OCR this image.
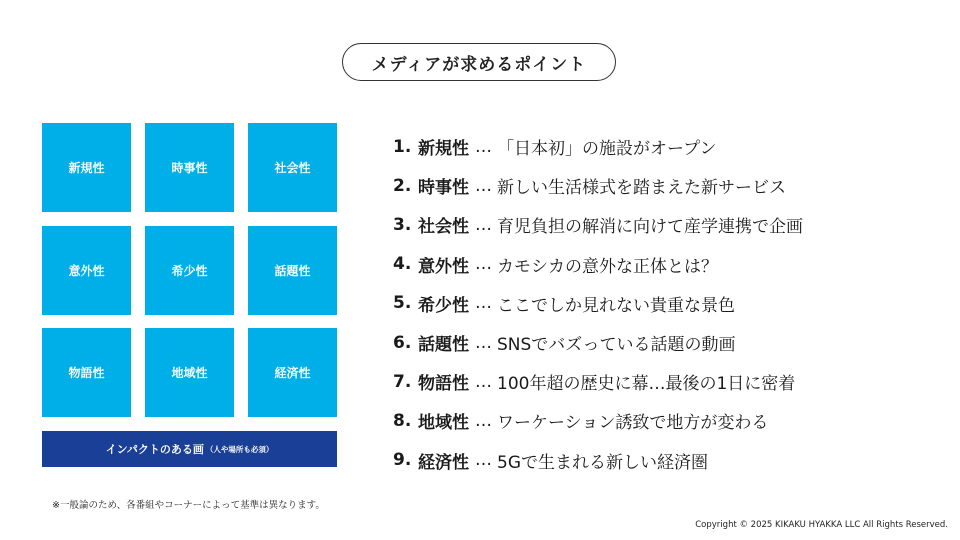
メディアが求めるポイント
新規性	時事性	社会性
意外性	希少性	話題性
物語性	地域性	経済性
インパクトのある画 （人や場所も必須）
1. 新規性 … 「日本初」の施設がオープン
2. 時事性 … 新しい生活様式を踏まえた新サービス
3. 社会性 … 育児負担の解消に向けて産学連携で企画
4. 意外性 … カモシカの意外な正体とは？
5. 希少性 … ここでしか見れない貴重な景色
6. 話題性 … SNSでバズっている話題の動画
7. 物語性 … 100年超の歴史に幕…最後の1日に密着
8. 地域性 … ワーケーション誘致で地方が変わる
9. 経済性 … 5Gで生まれる新しい経済圏
※一般論のため、各番組やコーナーによって基準は異なります。
Copyright © 2025 KIKAKU HYAKKA LLC All Rights Reserved.
